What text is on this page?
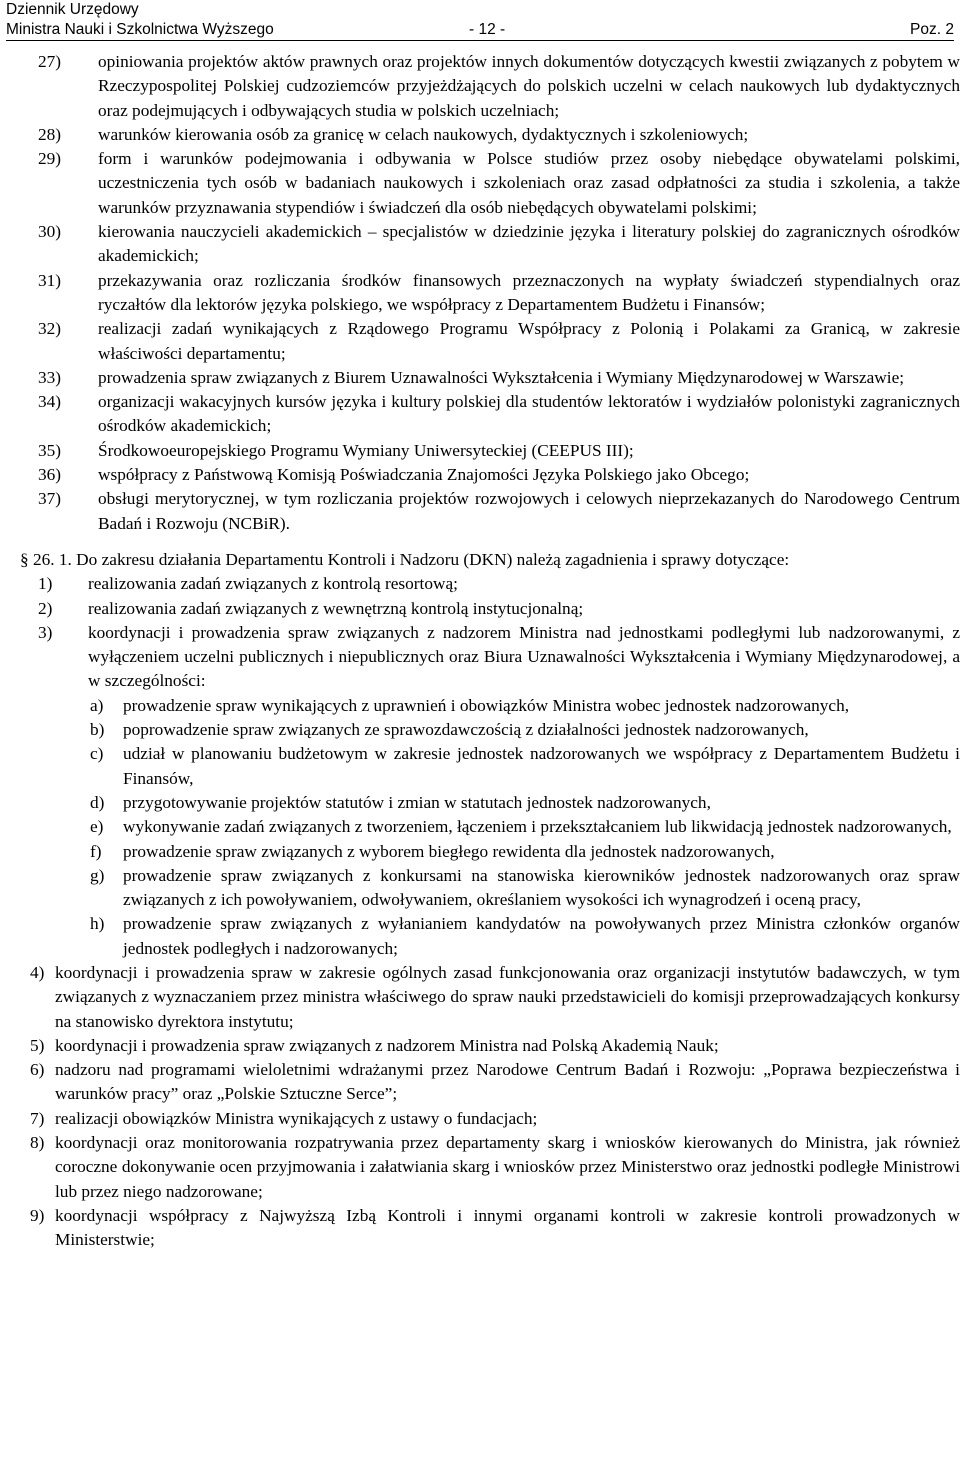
Dziennik Urzędowy
Ministra Nauki i Szkolnictwa Wyższego	- 12 -	Poz. 2
27) opiniowania projektów aktów prawnych oraz projektów innych dokumentów dotyczących kwestii związanych z pobytem w Rzeczypospolitej Polskiej cudzoziemców przyjeżdżających do polskich uczelni w celach naukowych lub dydaktycznych oraz podejmujących i odbywających studia w polskich uczelniach;
28) warunków kierowania osób za granicę w celach naukowych, dydaktycznych i szkoleniowych;
29) form i warunków podejmowania i odbywania w Polsce studiów przez osoby niebędące obywatelami polskimi, uczestniczenia tych osób w badaniach naukowych i szkoleniach oraz zasad odpłatności za studia i szkolenia, a także warunków przyznawania stypendiów i świadczeń dla osób niebędących obywatelami polskimi;
30) kierowania nauczycieli akademickich – specjalistów w dziedzinie języka i literatury polskiej do zagranicznych ośrodków akademickich;
31) przekazywania oraz rozliczania środków finansowych przeznaczonych na wypłaty świadczeń stypendialnych oraz ryczałtów dla lektorów języka polskiego, we współpracy z Departamentem Budżetu i Finansów;
32) realizacji zadań wynikających z Rządowego Programu Współpracy z Polonią i Polakami za Granicą, w zakresie właściwości departamentu;
33) prowadzenia spraw związanych z Biurem Uznawalności Wykształcenia i Wymiany Międzynarodowej w Warszawie;
34) organizacji wakacyjnych kursów języka i kultury polskiej dla studentów lektoratów i wydziałów polonistyki zagranicznych ośrodków akademickich;
35) Środkowoeuropejskiego Programu Wymiany Uniwersyteckiej (CEEPUS III);
36) współpracy z Państwową Komisją Poświadczania Znajomości Języka Polskiego jako Obcego;
37) obsługi merytorycznej, w tym rozliczania projektów rozwojowych i celowych nieprzekazanych do Narodowego Centrum Badań i Rozwoju (NCBiR).
§ 26. 1. Do zakresu działania Departamentu Kontroli i Nadzoru (DKN) należą zagadnienia i sprawy dotyczące:
1) realizowania zadań związanych z kontrolą resortową;
2) realizowania zadań związanych z wewnętrzną kontrolą instytucjonalną;
3) koordynacji i prowadzenia spraw związanych z nadzorem Ministra nad jednostkami podległymi lub nadzorowanymi, z wyłączeniem uczelni publicznych i niepublicznych oraz Biura Uznawalności Wykształcenia i Wymiany Międzynarodowej, a w szczególności:
a) prowadzenie spraw wynikających z uprawnień i obowiązków Ministra wobec jednostek nadzorowanych,
b) poprowadzenie spraw związanych ze sprawozdawczością z działalności jednostek nadzorowanych,
c) udział w planowaniu budżetowym w zakresie jednostek nadzorowanych we współpracy z Departamentem Budżetu i Finansów,
d) przygotowywanie projektów statutów i zmian w statutach jednostek nadzorowanych,
e) wykonywanie zadań związanych z tworzeniem, łączeniem i przekształcaniem lub likwidacją jednostek nadzorowanych,
f) prowadzenie spraw związanych z wyborem biegłego rewidenta dla jednostek nadzorowanych,
g) prowadzenie spraw związanych z konkursami na stanowiska kierowników jednostek nadzorowanych oraz spraw związanych z ich powoływaniem, odwoływaniem, określaniem wysokości ich wynagrodzeń i oceną pracy,
h) prowadzenie spraw związanych z wyłanianiem kandydatów na powoływanych przez Ministra członków organów jednostek podległych i nadzorowanych;
4) koordynacji i prowadzenia spraw w zakresie ogólnych zasad funkcjonowania oraz organizacji instytutów badawczych, w tym związanych z wyznaczaniem przez ministra właściwego do spraw nauki przedstawicieli do komisji przeprowadzających konkursy na stanowisko dyrektora instytutu;
5) koordynacji i prowadzenia spraw związanych z nadzorem Ministra nad Polską Akademią Nauk;
6) nadzoru nad programami wieloletnimi wdrażanymi przez Narodowe Centrum Badań i Rozwoju: „Poprawa bezpieczeństwa i warunków pracy” oraz „Polskie Sztuczne Serce”;
7) realizacji obowiązków Ministra wynikających z ustawy o fundacjach;
8) koordynacji oraz monitorowania rozpatrywania przez departamenty skarg i wniosków kierowanych do Ministra, jak również coroczne dokonywanie ocen przyjmowania i załatwiania skarg i wniosków przez Ministerstwo oraz jednostki podległe Ministrowi lub przez niego nadzorowane;
9) koordynacji współpracy z Najwyższą Izbą Kontroli i innymi organami kontroli w zakresie kontroli prowadzonych w Ministerstwie;
